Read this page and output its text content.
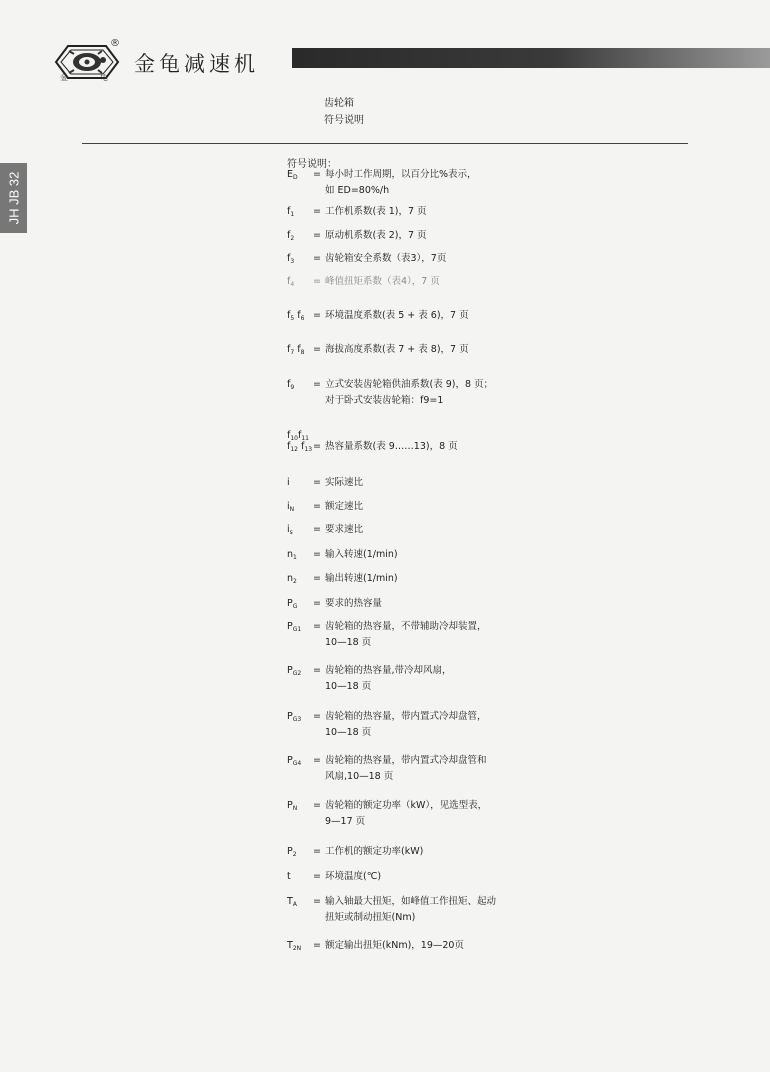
®
金	龟
金龟减速机
JH JB 32
齿轮箱
符号说明
符号说明：
$E_D$ = 每小时工作周期，以百分比%表示，
如 ED=80%/h
$f_1$ = 工作机系数(表 1)，7 页
$f_2$ = 原动机系数(表 2)，7 页
$f_3$ = 齿轮箱安全系数（表3），7页
$f_4$ = 峰值扭矩系数（表4），7 页
$f_5$ $f_6$ = 环境温度系数(表 5 + 表 6)，7 页
$f_7$ $f_8$ = 海拔高度系数(表 7 + 表 8)，7 页
$f_9$ = 立式安装齿轮箱供油系数(表 9)，8 页；
对于卧式安装齿轮箱：f9=1
$f_{10}f_{11}$
$f_{12}$ $f_{13}$ = 热容量系数(表 9……13)，8 页
i = 实际速比
$i_N$ = 额定速比
$i_s$ = 要求速比
$n_1$ = 输入转速(1/min)
$n_2$ = 输出转速(1/min)
$P_G$ = 要求的热容量
$P_{G1}$ = 齿轮箱的热容量，不带辅助冷却装置，
10—18 页
$P_{G2}$ = 齿轮箱的热容量,带冷却风扇，
10—18 页
$P_{G3}$ = 齿轮箱的热容量，带内置式冷却盘管，
10—18 页
$P_{G4}$ = 齿轮箱的热容量，带内置式冷却盘管和
风扇,10—18 页
$P_N$ = 齿轮箱的额定功率（kW），见选型表，
9—17 页
$P_2$ = 工作机的额定功率(kW)
t = 环境温度(℃)
$T_A$ = 输入轴最大扭矩，如峰值工作扭矩、起动
扭矩或制动扭矩(Nm)
$T_{2N}$ = 额定输出扭矩(kNm)，19—20页
